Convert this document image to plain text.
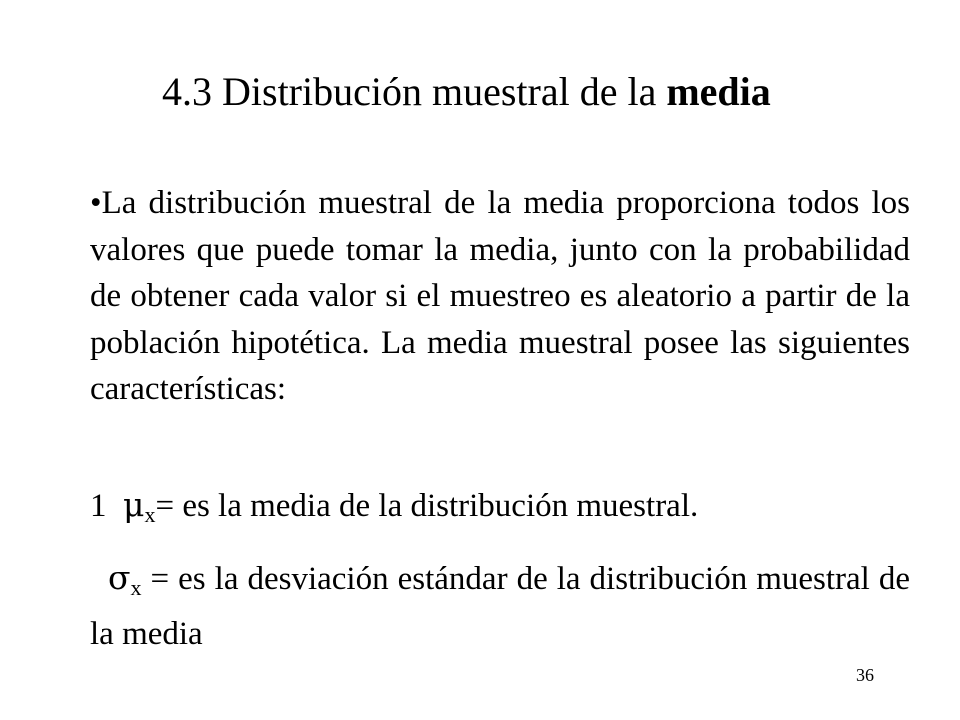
4.3 Distribución muestral de la media

•La distribución muestral de la media proporciona todos los valores que puede tomar la media, junto con la probabilidad de obtener cada valor si el muestreo es aleatorio a partir de la población hipotética. La media muestral posee las siguientes características:

1 $\mu_x=$ es la media de la distribución muestral.
$\sigma_x$ = es la desviación estándar de la distribución muestral de la media
36
